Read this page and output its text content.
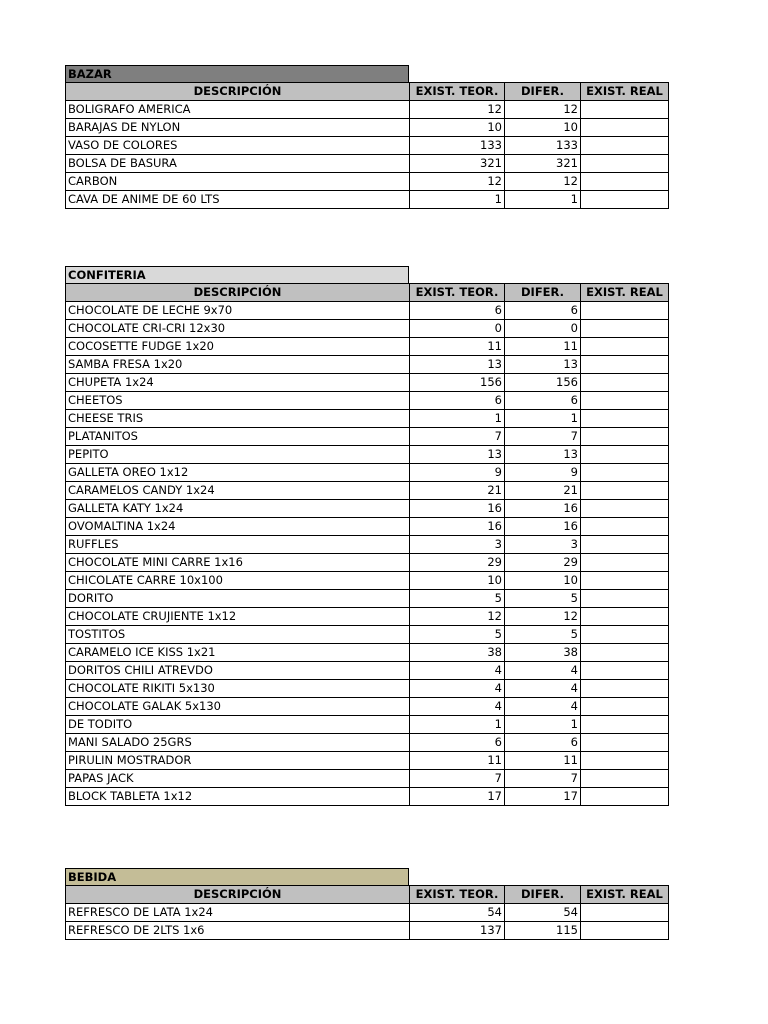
BAZAR
DESCRIPCIÓN	EXIST. TEOR.	DIFER.	EXIST. REAL
BOLIGRAFO AMERICA	12	12	
BARAJAS DE NYLON	10	10	
VASO DE COLORES	133	133	
BOLSA DE BASURA	321	321	
CARBON	12	12	
CAVA DE ANIME DE 60 LTS	1	1	
CONFITERIA
DESCRIPCIÓN	EXIST. TEOR.	DIFER.	EXIST. REAL
CHOCOLATE DE LECHE 9x70	6	6	
CHOCOLATE CRI-CRI 12x30	0	0	
COCOSETTE FUDGE 1x20	11	11	
SAMBA FRESA 1x20	13	13	
CHUPETA 1x24	156	156	
CHEETOS	6	6	
CHEESE TRIS	1	1	
PLATANITOS	7	7	
PEPITO	13	13	
GALLETA OREO 1x12	9	9	
CARAMELOS CANDY 1x24	21	21	
GALLETA KATY 1x24	16	16	
OVOMALTINA 1x24	16	16	
RUFFLES	3	3	
CHOCOLATE MINI CARRE 1x16	29	29	
CHICOLATE CARRE 10x100	10	10	
DORITO	5	5	
CHOCOLATE CRUJIENTE 1x12	12	12	
TOSTITOS	5	5	
CARAMELO ICE KISS 1x21	38	38	
DORITOS CHILI ATREVDO	4	4	
CHOCOLATE RIKITI 5x130	4	4	
CHOCOLATE GALAK 5x130	4	4	
DE TODITO	1	1	
MANI SALADO 25GRS	6	6	
PIRULIN MOSTRADOR	11	11	
PAPAS JACK	7	7	
BLOCK TABLETA 1x12	17	17	
BEBIDA
DESCRIPCIÓN	EXIST. TEOR.	DIFER.	EXIST. REAL
REFRESCO DE LATA 1x24	54	54	
REFRESCO DE 2LTS 1x6	137	115	
